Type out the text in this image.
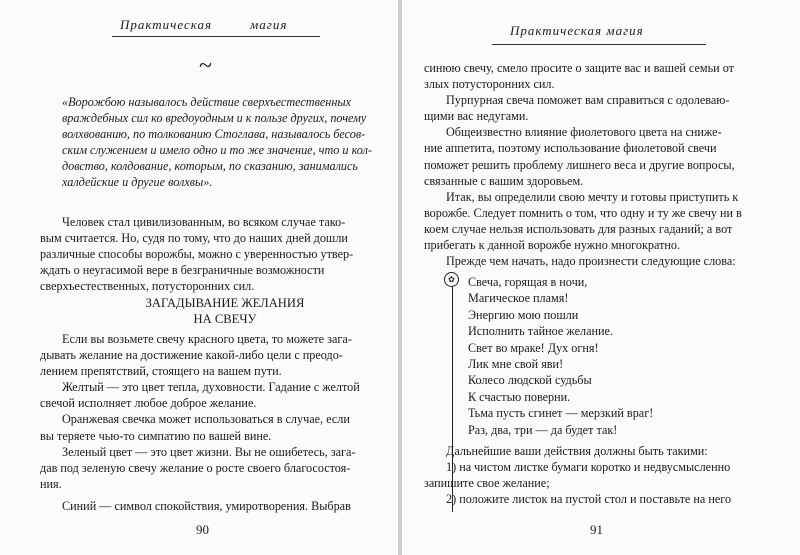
Практическая	магия
~
«Ворожбою называлось действие сверхъестественных
враждебных сил ко вредоуодным и к пользе других, почему
волхвованию, по толкованию Стоглава, называлось бесов-
ским служением и имело одно и то же значение, что и кол-
довство, колдование, которым, по сказанию, занимались
халдейские и другие волхвы».
Человек стал цивилизованным, во всяком случае тако-
вым считается. Но, судя по тому, что до наших дней дошли
различные способы ворожбы, можно с уверенностью утвер-
ждать о неугасимой вере в безграничные возможности
сверхъестественных, потусторонних сил.
ЗАГАДЫВАНИЕ ЖЕЛАНИЯ
НА СВЕЧУ
Если вы возьмете свечу красного цвета, то можете зага-
дывать желание на достижение какой-либо цели с преодо-
лением препятствий, стоящего на вашем пути.
Желтый — это цвет тепла, духовности. Гадание с желтой
свечой исполняет любое доброе желание.
Оранжевая свечка может использоваться в случае, если
вы теряете чью-то симпатию по вашей вине.
Зеленый цвет — это цвет жизни. Вы не ошибетесь, зага-
дав под зеленую свечу желание о росте своего благосостоя-
ния.
Синий — символ спокойствия, умиротворения. Выбрав
90
Практическая магия
синюю свечу, смело просите о защите вас и вашей семьи от
злых потусторонних сил.
Пурпурная свеча поможет вам справиться с одолеваю-
щими вас недугами.
Общеизвестно влияние фиолетового цвета на сниже-
ние аппетита, поэтому использование фиолетовой свечи
поможет решить проблему лишнего веса и другие вопросы,
связанные с вашим здоровьем.
Итак, вы определили свою мечту и готовы приступить к
ворожбе. Следует помнить о том, что одну и ту же свечу ни в
коем случае нельзя использовать для разных гаданий; а вот
прибегать к данной ворожбе нужно многократно.
Прежде чем начать, надо произнести следующие слова:
✿	Свеча, горящая в ночи,
Магическое пламя!
Энергию мою пошли
Исполнить тайное желание.
Свет во мраке! Дух огня!
Лик мне свой яви!
Колесо людской судьбы
К счастью поверни.
Тьма пусть сгинет — мерзкий враг!
Раз, два, три — да будет так!
Дальнейшие ваши действия должны быть такими:
1) на чистом листке бумаги коротко и недвусмысленно
запишите свое желание;
2) положите листок на пустой стол и поставьте на него
91
